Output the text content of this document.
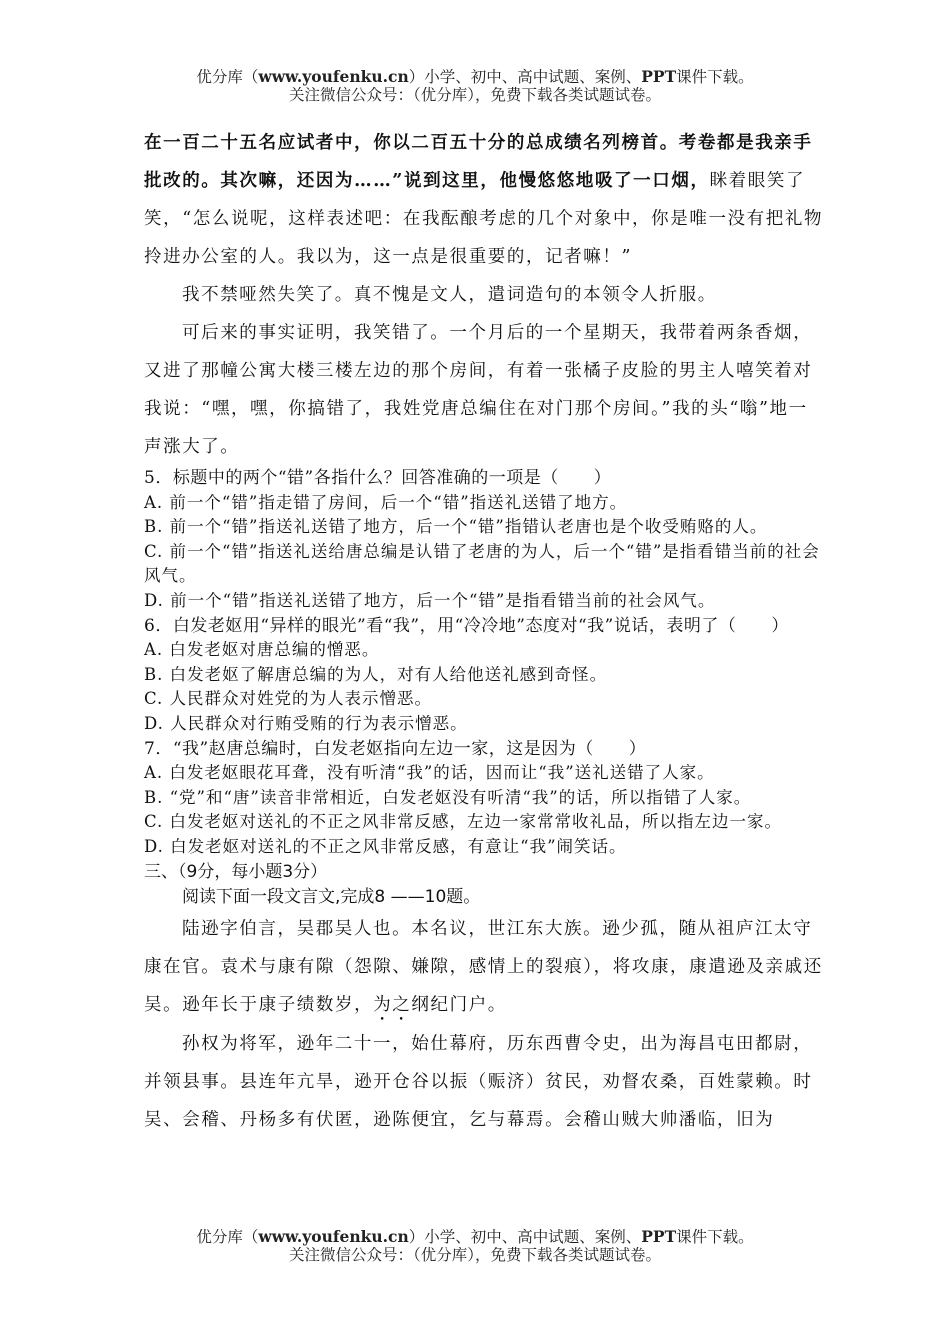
优分库（www.youfenku.cn）小学、初中、高中试题、案例、PPT课件下载。
关注微信公众号：（优分库），免费下载各类试题试卷。

在一百二十五名应试者中，你以二百五十分的总成绩名列榜首。考卷都是我亲手批改的。其次嘛，还因为……”说到这里，他慢悠悠地吸了一口烟，眯着眼笑了笑，“怎么说呢，这样表述吧：在我酝酿考虑的几个对象中，你是唯一没有把礼物拎进办公室的人。我以为，这一点是很重要的，记者嘛！”

我不禁哑然失笑了。真不愧是文人，遣词造句的本领令人折服。

可后来的事实证明，我笑错了。一个月后的一个星期天，我带着两条香烟，又进了那幢公寓大楼三楼左边的那个房间，有着一张橘子皮脸的男主人嘻笑着对我说：“嘿，嘿，你搞错了，我姓党唐总编住在对门那个房间。”我的头“嗡”地一声涨大了。

5．标题中的两个“错”各指什么？回答准确的一项是（　　）

A. 前一个“错”指走错了房间，后一个“错”指送礼送错了地方。

B. 前一个“错”指送礼送错了地方，后一个“错”指错认老唐也是个收受贿赂的人。

C. 前一个“错”指送礼送给唐总编是认错了老唐的为人，后一个“错”是指看错当前的社会风气。

D. 前一个“错”指送礼送错了地方，后一个“错”是指看错当前的社会风气。

6．白发老妪用“异样的眼光”看“我”，用“冷冷地”态度对“我”说话，表明了（　　）

A. 白发老妪对唐总编的憎恶。

B. 白发老妪了解唐总编的为人，对有人给他送礼感到奇怪。

C. 人民群众对姓党的为人表示憎恶。

D. 人民群众对行贿受贿的行为表示憎恶。

7．“我”赵唐总编时，白发老妪指向左边一家，这是因为（　　）

A. 白发老妪眼花耳聋，没有听清“我”的话，因而让“我”送礼送错了人家。

B. “党”和“唐”读音非常相近，白发老妪没有听清“我”的话，所以指错了人家。

C. 白发老妪对送礼的不正之风非常反感，左边一家常常收礼品，所以指左边一家。

D. 白发老妪对送礼的不正之风非常反感，有意让“我”闹笑话。

三、（9分，每小题3分）

阅读下面一段文言文,完成8 ——10题。

陆逊字伯言，吴郡吴人也。本名议，世江东大族。逊少孤，随从祖庐江太守康在官。袁术与康有隙（怨隙、嫌隙，感情上的裂痕），将攻康，康遣逊及亲戚还吴。逊年长于康子绩数岁，为之纲纪门户。

孙权为将军，逊年二十一，始仕幕府，历东西曹令史，出为海昌屯田都尉，并领县事。县连年亢旱，逊开仓谷以振（赈济）贫民，劝督农桑，百姓蒙赖。时吴、会稽、丹杨多有伏匿，逊陈便宜，乞与幕焉。会稽山贼大帅潘临，旧为

优分库（www.youfenku.cn）小学、初中、高中试题、案例、PPT课件下载。
关注微信公众号：（优分库），免费下载各类试题试卷。
